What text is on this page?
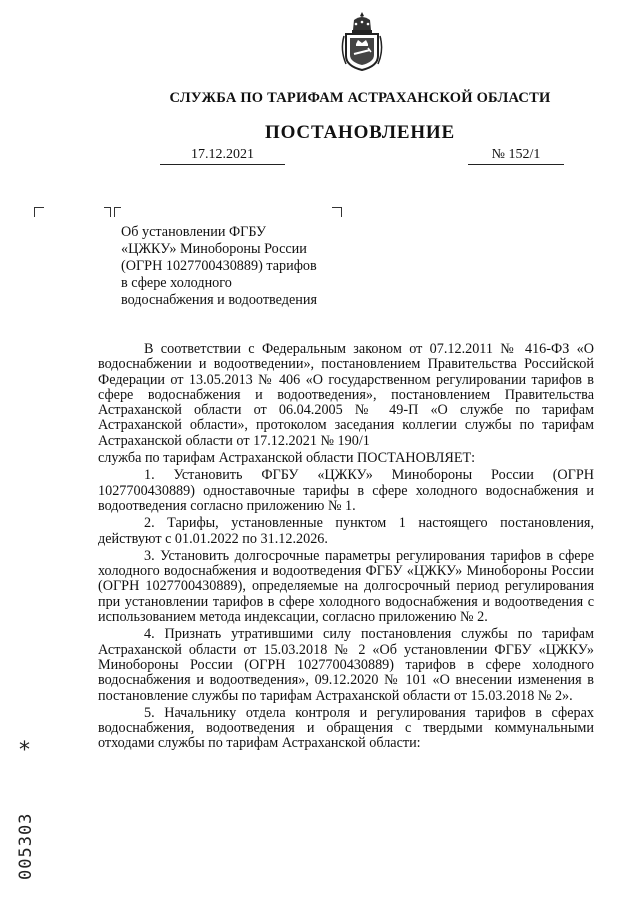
СЛУЖБА ПО ТАРИФАМ АСТРАХАНСКОЙ ОБЛАСТИ
ПОСТАНОВЛЕНИЕ
17.12.2021	№ 152/1
Об установлении ФГБУ
«ЦЖКУ» Минобороны России
(ОГРН 1027700430889) тарифов
в сфере холодного
водоснабжения и водоотведения

В соответствии с Федеральным законом от 07.12.2011 № 416-ФЗ «О водоснабжении и водоотведении», постановлением Правительства Российской Федерации от 13.05.2013 № 406 «О государственном регулировании тарифов в сфере водоснабжения и водоотведения», постановлением Правительства Астраханской области от 06.04.2005 № 49-П «О службе по тарифам Астраханской области», протоколом заседания коллегии службы по тарифам Астраханской области от 17.12.2021 № 190/1

служба по тарифам Астраханской области ПОСТАНОВЛЯЕТ:

1. Установить ФГБУ «ЦЖКУ» Минобороны России (ОГРН 1027700430889) одноставочные тарифы в сфере холодного водоснабжения и водоотведения согласно приложению № 1.

2. Тарифы, установленные пунктом 1 настоящего постановления, действуют с 01.01.2022 по 31.12.2026.

3. Установить долгосрочные параметры регулирования тарифов в сфере холодного водоснабжения и водоотведения ФГБУ «ЦЖКУ» Минобороны России (ОГРН 1027700430889), определяемые на долгосрочный период регулирования при установлении тарифов в сфере холодного водоснабжения и водоотведения с использованием метода индексации, согласно приложению № 2.

4. Признать утратившими силу постановления службы по тарифам Астраханской области от 15.03.2018 № 2 «Об установлении ФГБУ «ЦЖКУ» Минобороны России (ОГРН 1027700430889) тарифов в сфере холодного водоснабжения и водоотведения», 09.12.2020 № 101 «О внесении изменения в постановление службы по тарифам Астраханской области от 15.03.2018 № 2».

5. Начальнику отдела контроля и регулирования тарифов в сферах водоснабжения, водоотведения и обращения с твердыми коммунальными отходами службы по тарифам Астраханской области:

*
005303
